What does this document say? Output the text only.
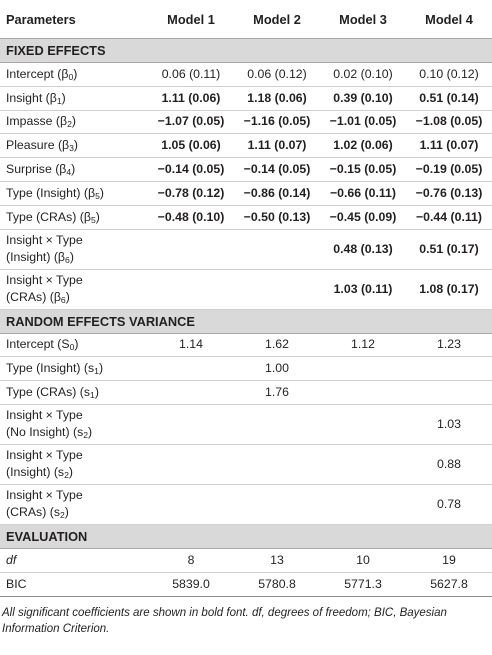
Parameters	Model 1	Model 2	Model 3	Model 4
FIXED EFFECTS				
Intercept $(\beta_0)$	0.06 (0.11)	0.06 (0.12)	0.02 (0.10)	0.10 (0.12)
Insight $(\beta_1)$	1.11 (0.06)	1.18 (0.06)	0.39 (0.10)	0.51 (0.14)
Impasse $(\beta_2)$	−1.07 (0.05)	−1.16 (0.05)	−1.01 (0.05)	−1.08 (0.05)
Pleasure $(\beta_3)$	1.05 (0.06)	1.11 (0.07)	1.02 (0.06)	1.11 (0.07)
Surprise $(\beta_4)$	−0.14 (0.05)	−0.14 (0.05)	−0.15 (0.05)	−0.19 (0.05)
Type (Insight) $(\beta_5)$	−0.78 (0.12)	−0.86 (0.14)	−0.66 (0.11)	−0.76 (0.13)
Type (CRAs) $(\beta_5)$	−0.48 (0.10)	−0.50 (0.13)	−0.45 (0.09)	−0.44 (0.11)
Insight × Type
(Insight) $(\beta_6)$			0.48 (0.13)	0.51 (0.17)
Insight × Type
(CRAs) $(\beta_6)$			1.03 (0.11)	1.08 (0.17)
RANDOM EFFECTS VARIANCE				
Intercept $(S_0)$	1.14	1.62	1.12	1.23
Type (Insight) $(s_1)$		1.00		
Type (CRAs) $(s_1)$		1.76		
Insight × Type
(No Insight) $(s_2)$				1.03
Insight × Type
(Insight) $(s_2)$				0.88
Insight × Type
(CRAs) $(s_2)$				0.78
EVALUATION				
df	8	13	10	19
BIC	5839.0	5780.8	5771.3	5627.8
All significant coefficients are shown in bold font. df, degrees of freedom; BIC, Bayesian Information Criterion.
